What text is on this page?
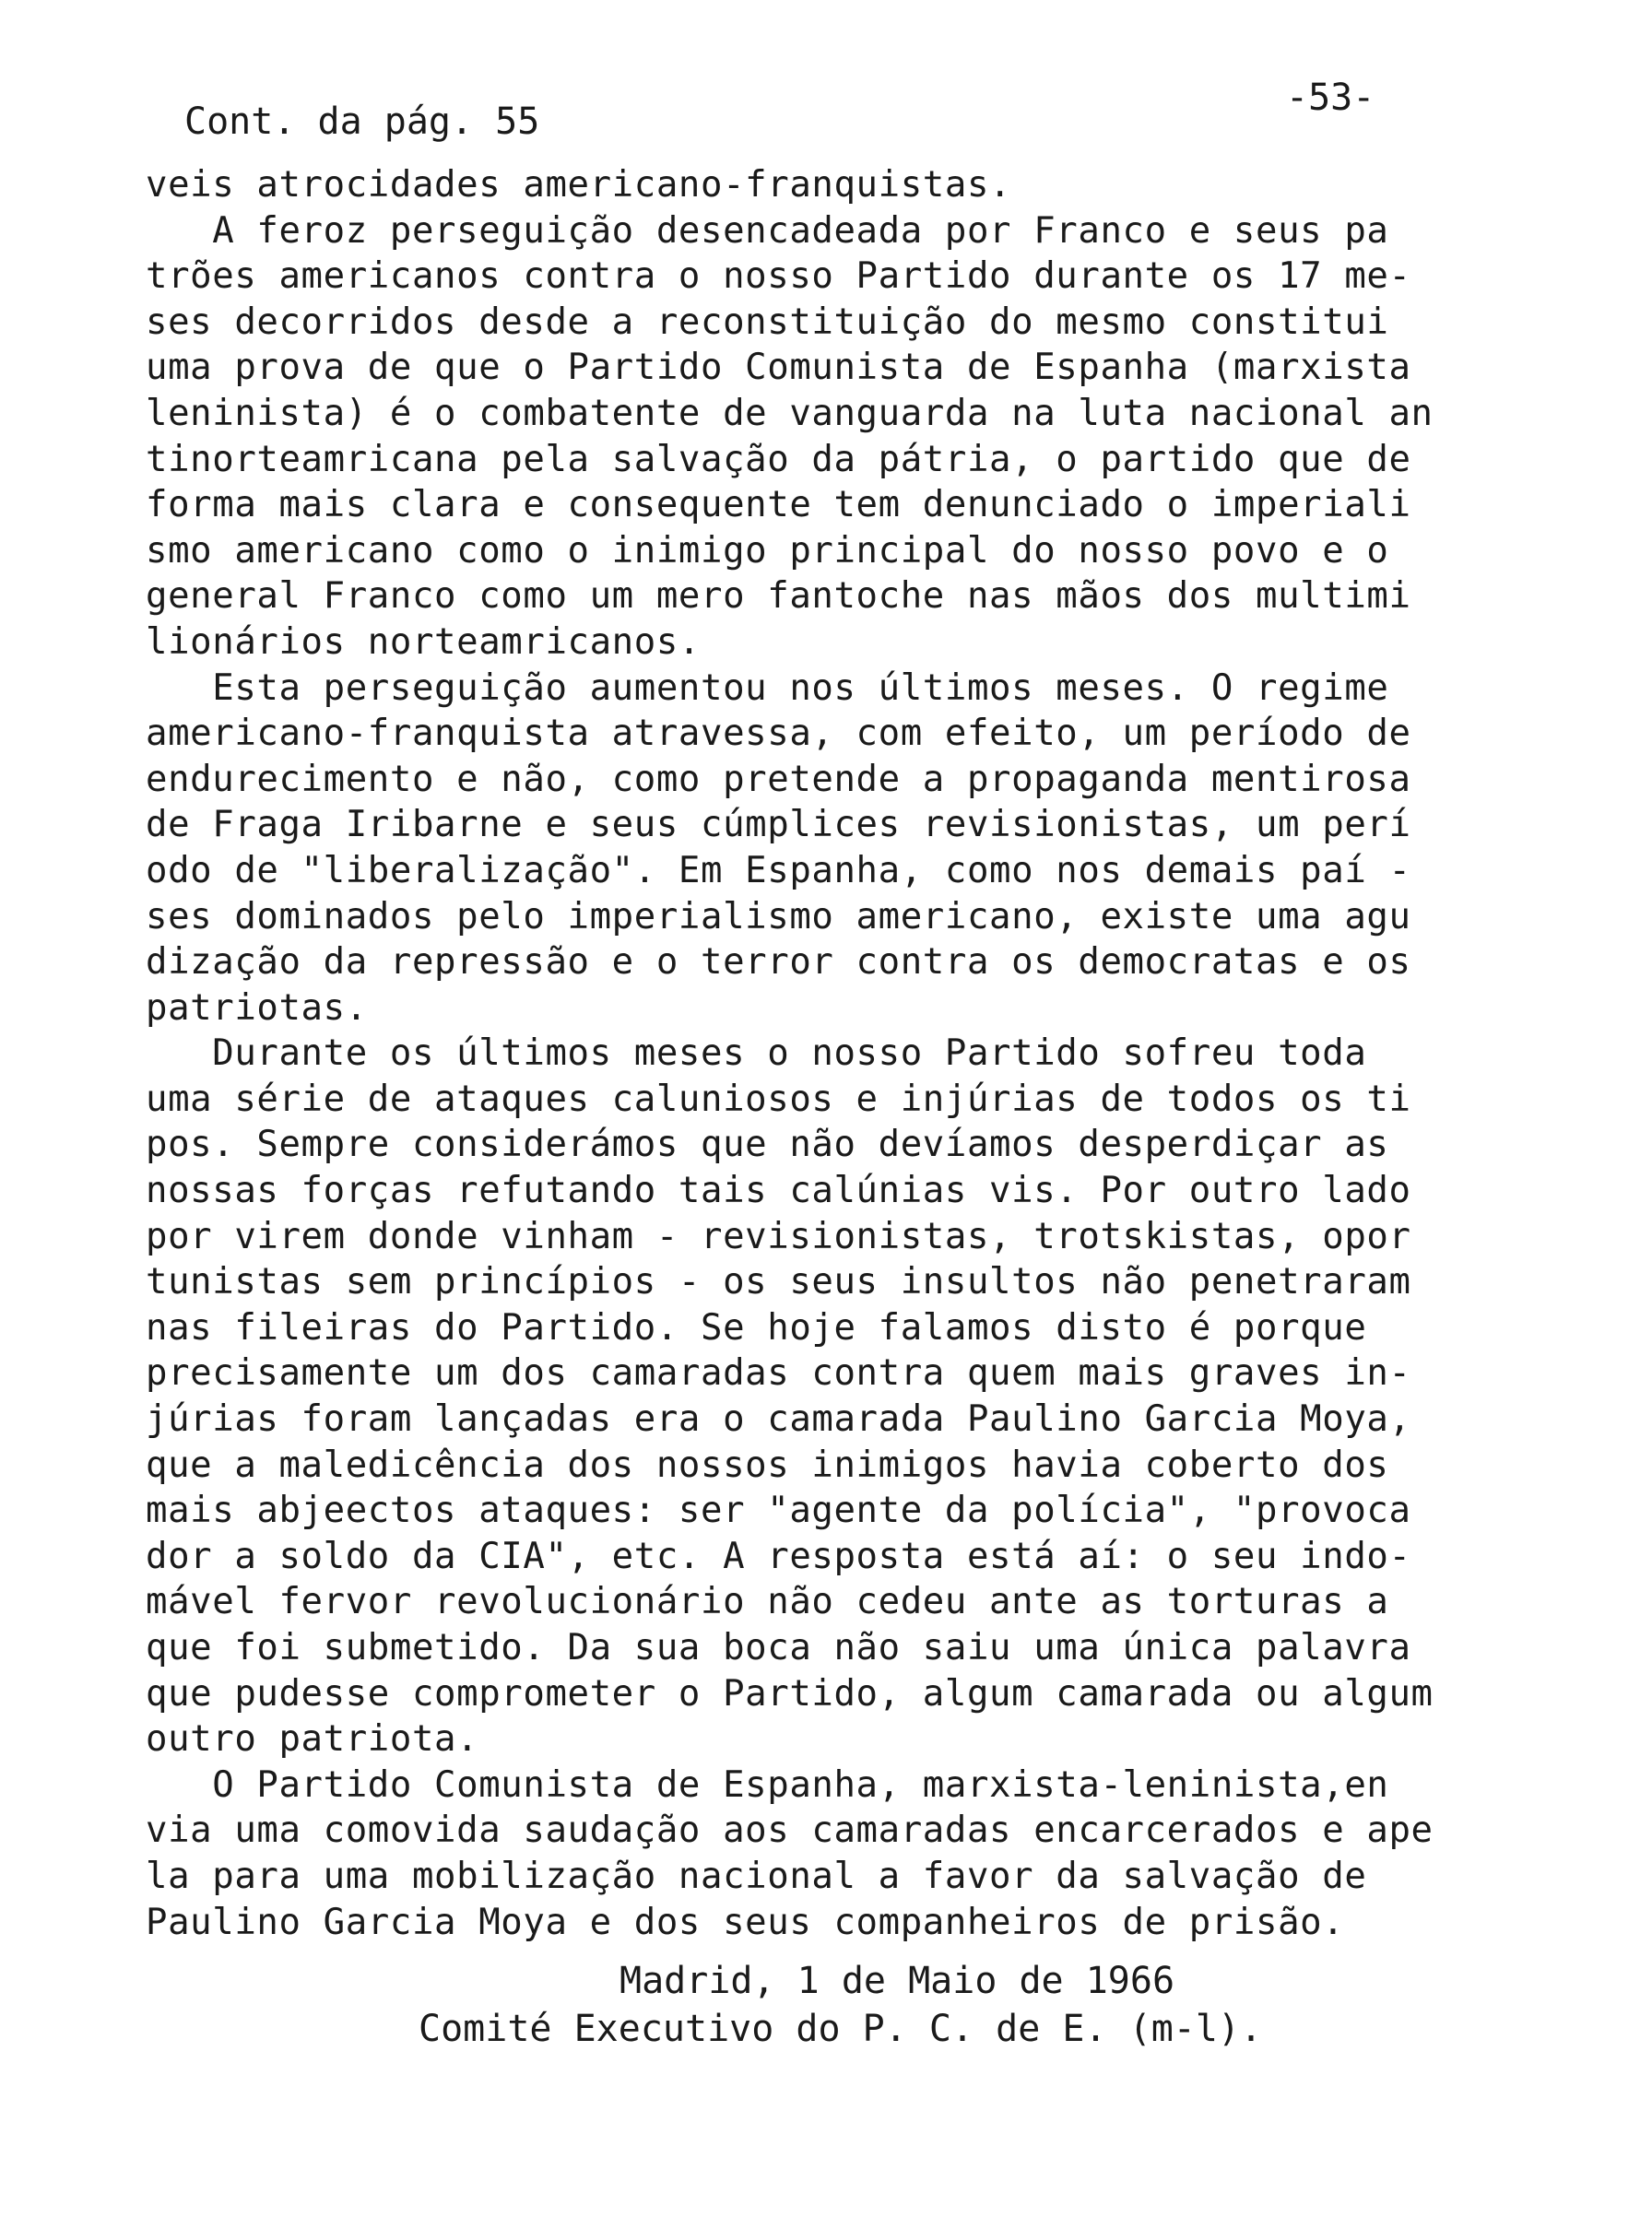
Cont. da pág. 55
-53-
veis atrocidades americano-franquistas.
A feroz perseguição desencadeada por Franco e seus pa
trões americanos contra o nosso Partido durante os 17 me-
ses decorridos desde a reconstituição do mesmo constitui
uma prova de que o Partido Comunista de Espanha (marxista
leninista) é o combatente de vanguarda na luta nacional an
tinorteamricana pela salvação da pátria, o partido que de
forma mais clara e consequente tem denunciado o imperiali
smo americano como o inimigo principal do nosso povo e o
general Franco como um mero fantoche nas mãos dos multimi
lionários norteamricanos.
Esta perseguição aumentou nos últimos meses. O regime
americano-franquista atravessa, com efeito, um período de
endurecimento e não, como pretende a propaganda mentirosa
de Fraga Iribarne e seus cúmplices revisionistas, um perí
odo de "liberalização". Em Espanha, como nos demais paí -
ses dominados pelo imperialismo americano, existe uma agu
dização da repressão e o terror contra os democratas e os
patriotas.
Durante os últimos meses o nosso Partido sofreu toda
uma série de ataques caluniosos e injúrias de todos os ti
pos. Sempre considerámos que não devíamos desperdiçar as
nossas forças refutando tais calúnias vis. Por outro lado
por virem donde vinham - revisionistas, trotskistas, opor
tunistas sem princípios - os seus insultos não penetraram
nas fileiras do Partido. Se hoje falamos disto é porque
precisamente um dos camaradas contra quem mais graves in-
júrias foram lançadas era o camarada Paulino Garcia Moya,
que a maledicência dos nossos inimigos havia coberto dos
mais abjeectos ataques: ser "agente da polícia", "provoca
dor a soldo da CIA", etc. A resposta está aí: o seu indo-
mável fervor revolucionário não cedeu ante as torturas a
que foi submetido. Da sua boca não saiu uma única palavra
que pudesse comprometer o Partido, algum camarada ou algum
outro patriota.
O Partido Comunista de Espanha, marxista-leninista,en
via uma comovida saudação aos camaradas encarcerados e ape
la para uma mobilização nacional a favor da salvação de
Paulino Garcia Moya e dos seus companheiros de prisão.
Madrid, 1 de Maio de 1966
Comité Executivo do P. C. de E. (m-l).
